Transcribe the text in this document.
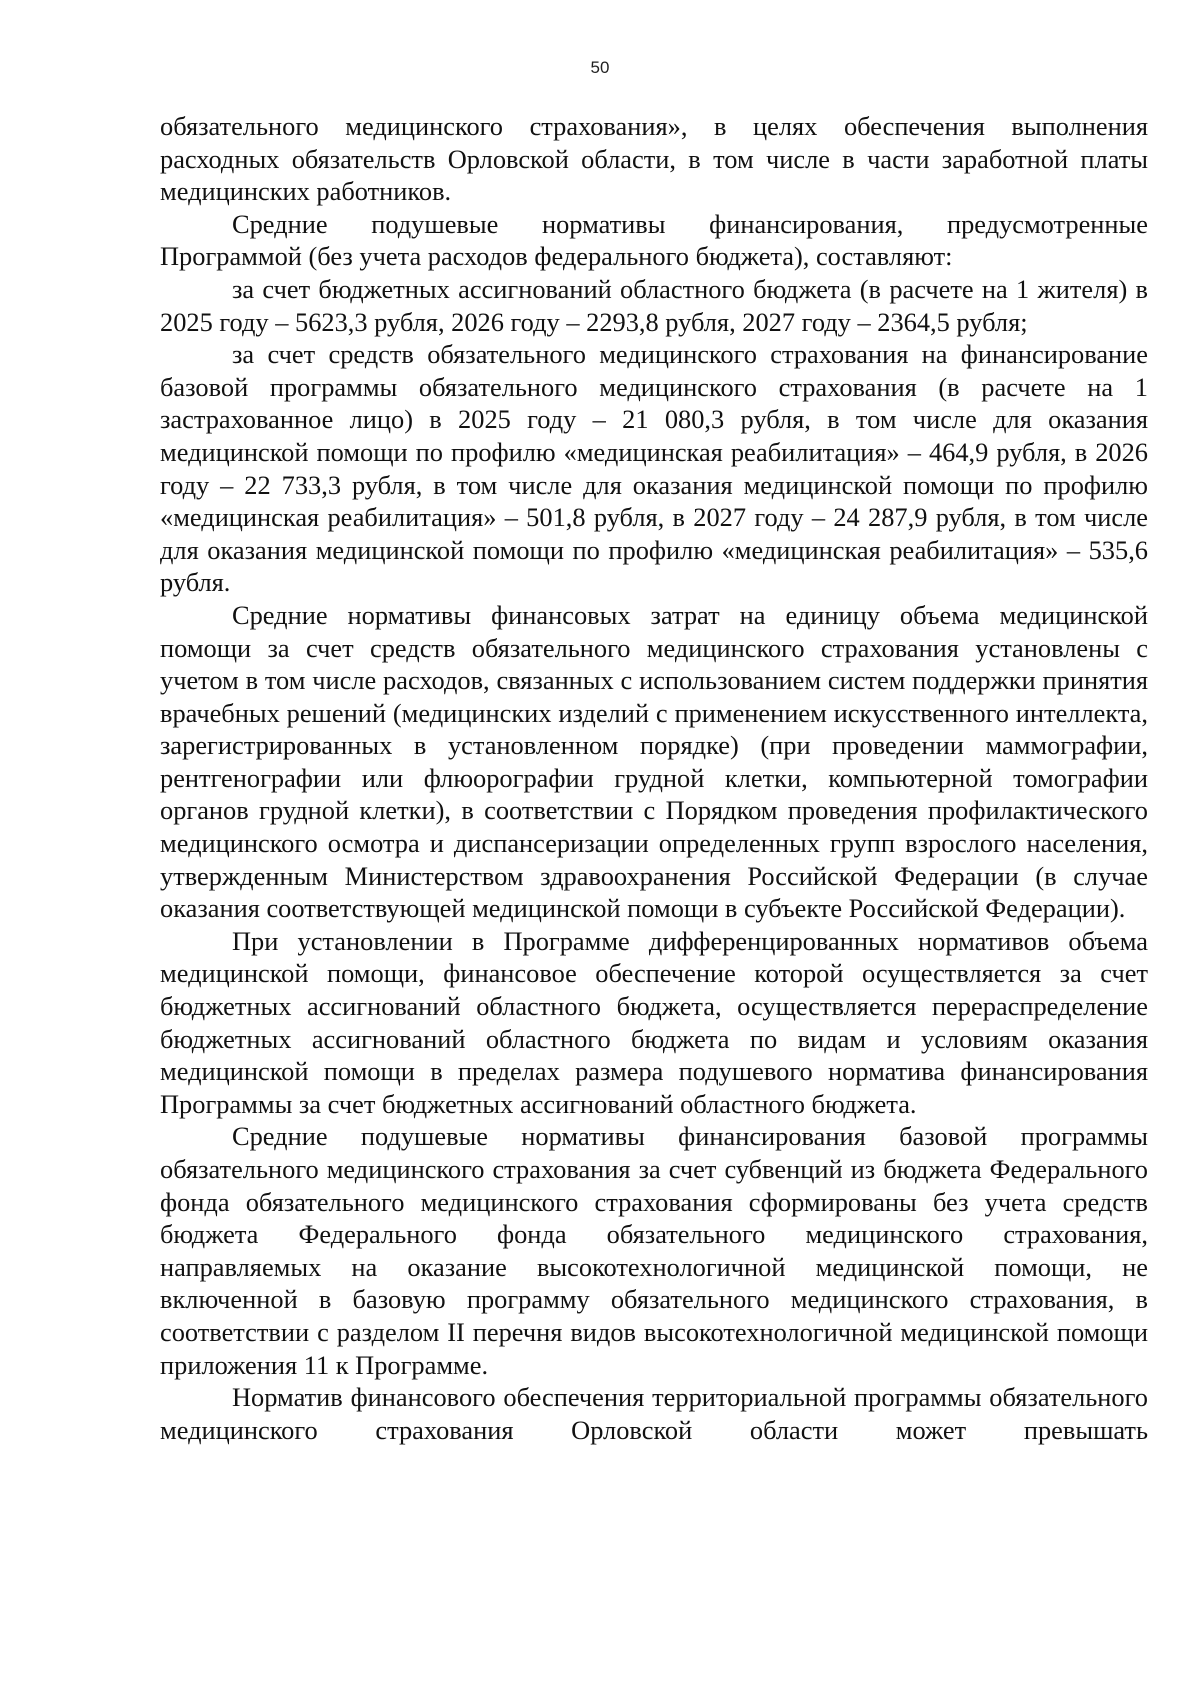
50

обязательного медицинского страхования», в целях обеспечения выполнения расходных обязательств Орловской области, в том числе в части заработной платы медицинских работников.

Средние подушевые нормативы финансирования, предусмотренные Программой (без учета расходов федерального бюджета), составляют:

за счет бюджетных ассигнований областного бюджета (в расчете на 1 жителя) в 2025 году – 5623,3 рубля, 2026 году – 2293,8 рубля, 2027 году – 2364,5 рубля;

за счет средств обязательного медицинского страхования на финансирование базовой программы обязательного медицинского страхования (в расчете на 1 застрахованное лицо) в 2025 году – 21 080,3 рубля, в том числе для оказания медицинской помощи по профилю «медицинская реабилитация» – 464,9 рубля, в 2026 году – 22 733,3 рубля, в том числе для оказания медицинской помощи по профилю «медицинская реабилитация» – 501,8 рубля, в 2027 году – 24 287,9 рубля, в том числе для оказания медицинской помощи по профилю «медицинская реабилитация» – 535,6 рубля.

Средние нормативы финансовых затрат на единицу объема медицинской помощи за счет средств обязательного медицинского страхования установлены с учетом в том числе расходов, связанных с использованием систем поддержки принятия врачебных решений (медицинских изделий с применением искусственного интеллекта, зарегистрированных в установленном порядке) (при проведении маммографии, рентгенографии или флюорографии грудной клетки, компьютерной томографии органов грудной клетки), в соответствии с Порядком проведения профилактического медицинского осмотра и диспансеризации определенных групп взрослого населения, утвержденным Министерством здравоохранения Российской Федерации (в случае оказания соответствующей медицинской помощи в субъекте Российской Федерации).

При установлении в Программе дифференцированных нормативов объема медицинской помощи, финансовое обеспечение которой осуществляется за счет бюджетных ассигнований областного бюджета, осуществляется перераспределение бюджетных ассигнований областного бюджета по видам и условиям оказания медицинской помощи в пределах размера подушевого норматива финансирования Программы за счет бюджетных ассигнований областного бюджета.

Средние подушевые нормативы финансирования базовой программы обязательного медицинского страхования за счет субвенций из бюджета Федерального фонда обязательного медицинского страхования сформированы без учета средств бюджета Федерального фонда обязательного медицинского страхования, направляемых на оказание высокотехнологичной медицинской помощи, не включенной в базовую программу обязательного медицинского страхования, в соответствии с разделом II перечня видов высокотехнологичной медицинской помощи приложения 11 к Программе.

Норматив финансового обеспечения территориальной программы обязательного медицинского страхования Орловской области может превышать
